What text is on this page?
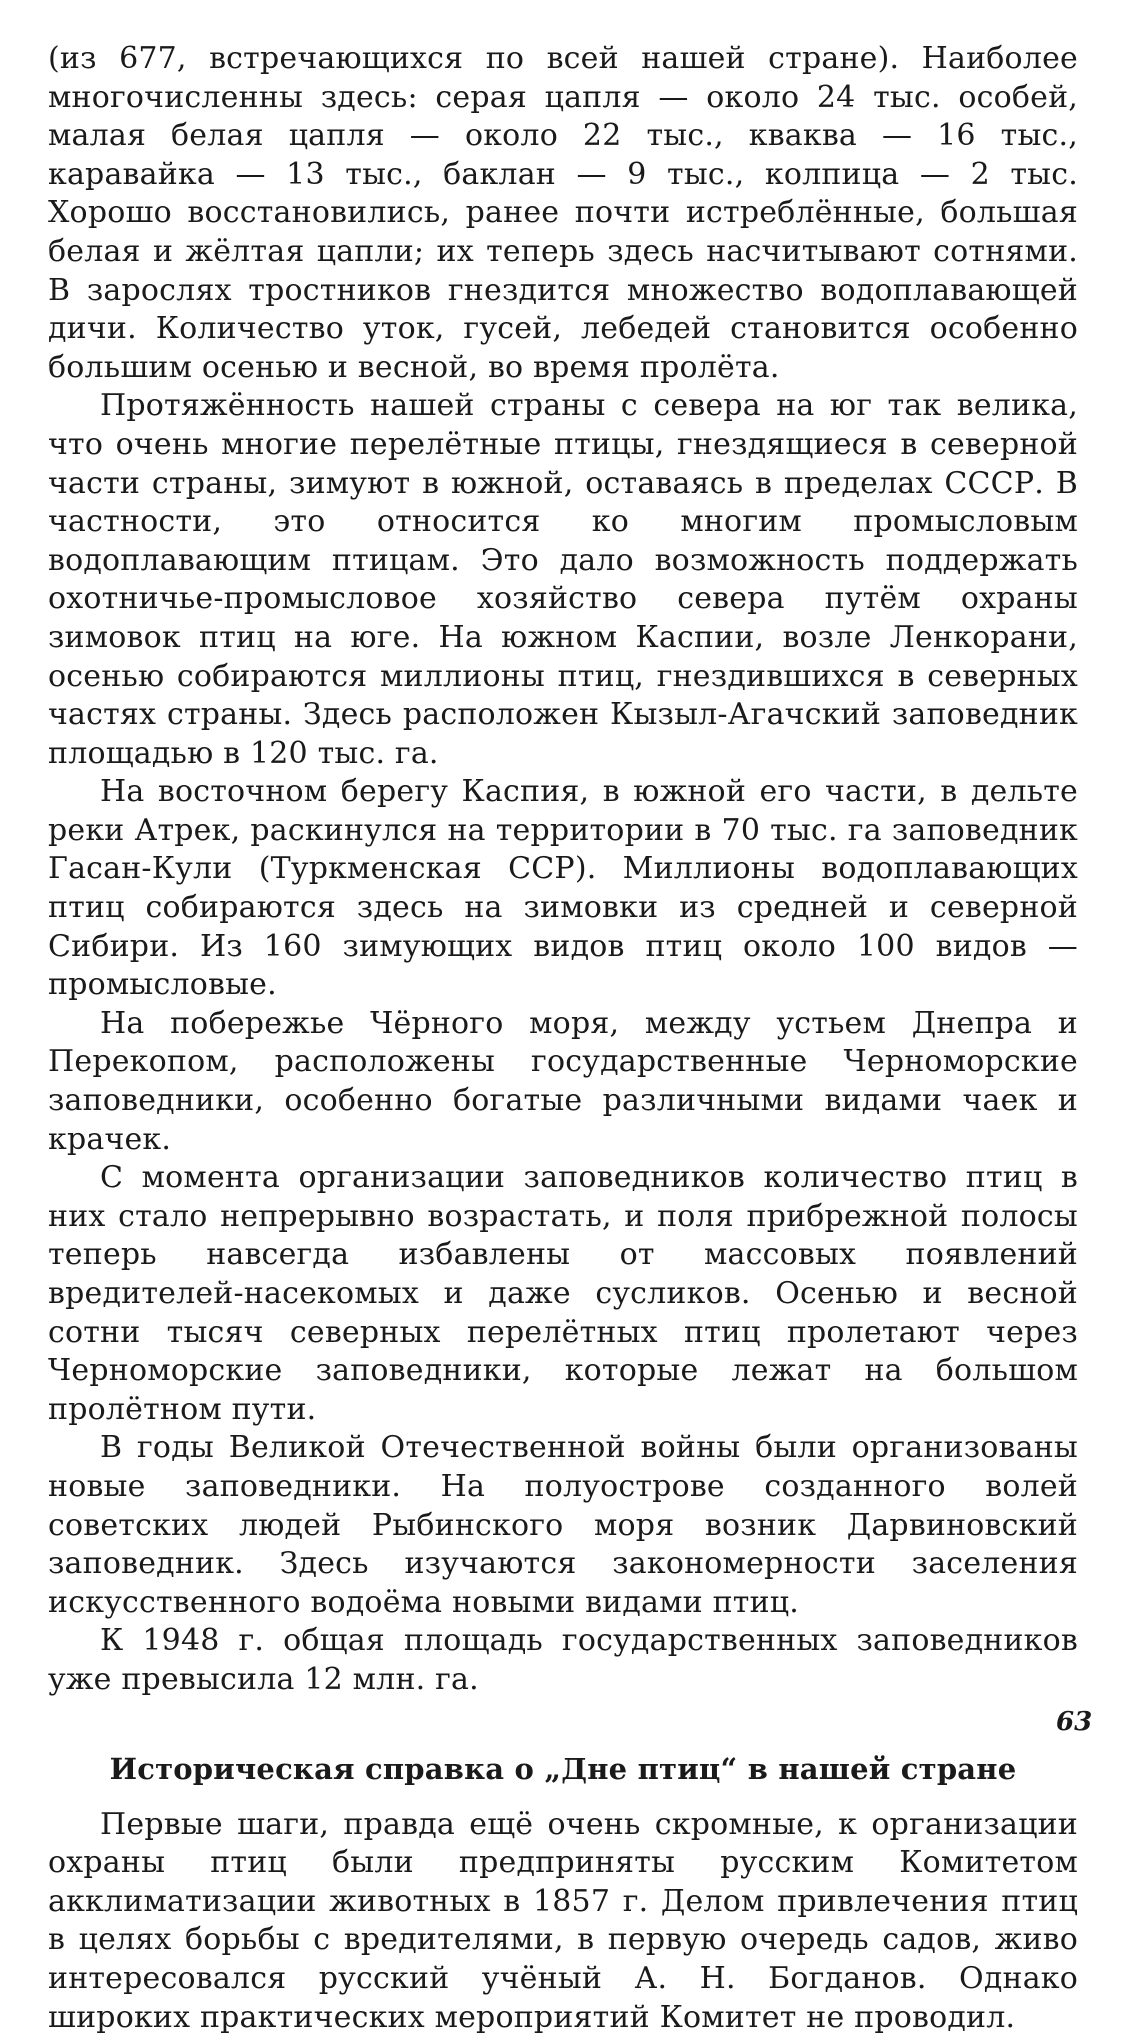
(из 677, встречающихся по всей нашей стране). Наиболее многочисленны здесь: серая цапля — около 24 тыс. особей, малая белая цапля — около 22 тыс., кваква — 16 тыс., каравайка — 13 тыс., баклан — 9 тыс., колпица — 2 тыс. Хорошо восстановились, ранее почти истреблённые, большая белая и жёлтая цапли; их теперь здесь насчитывают сотнями. В зарослях тростников гнездится множество водоплавающей дичи. Количество уток, гусей, лебедей становится особенно большим осенью и весной, во время пролёта.

Протяжённость нашей страны с севера на юг так велика, что очень многие перелётные птицы, гнездящиеся в северной части страны, зимуют в южной, оставаясь в пределах СССР. В частности, это относится ко многим промысловым водоплавающим птицам. Это дало возможность поддержать охотничье-промысловое хозяйство севера путём охраны зимовок птиц на юге. На южном Каспии, возле Ленкорани, осенью собираются миллионы птиц, гнездившихся в северных частях страны. Здесь расположен Кызыл-Агачский заповедник площадью в 120 тыс. га.

На восточном берегу Каспия, в южной его части, в дельте реки Атрек, раскинулся на территории в 70 тыс. га заповедник Гасан-Кули (Туркменская ССР). Миллионы водоплавающих птиц собираются здесь на зимовки из средней и северной Сибири. Из 160 зимующих видов птиц около 100 видов — промысловые.

На побережье Чёрного моря, между устьем Днепра и Перекопом, расположены государственные Черноморские заповедники, особенно богатые различными видами чаек и крачек.

С момента организации заповедников количество птиц в них стало непрерывно возрастать, и поля прибрежной полосы теперь навсегда избавлены от массовых появлений вредителей-насекомых и даже сусликов. Осенью и весной сотни тысяч северных перелётных птиц пролетают через Черноморские заповедники, которые лежат на большом пролётном пути.

В годы Великой Отечественной войны были организованы новые заповедники. На полуострове созданного волей советских людей Рыбинского моря возник Дарвиновский заповедник. Здесь изучаются закономерности заселения искусственного водоёма новыми видами птиц.

К 1948 г. общая площадь государственных заповедников уже превысила 12 млн. га.

Историческая справка о „Дне птиц“ в нашей стране

Первые шаги, правда ещё очень скромные, к организации охраны птиц были предприняты русским Комитетом акклиматизации животных в 1857 г. Делом привлечения птиц в целях борьбы с вредителями, в первую очередь садов, живо интересовался русский учёный А. Н. Богданов. Однако широких практических мероприятий Комитет не проводил.

63
